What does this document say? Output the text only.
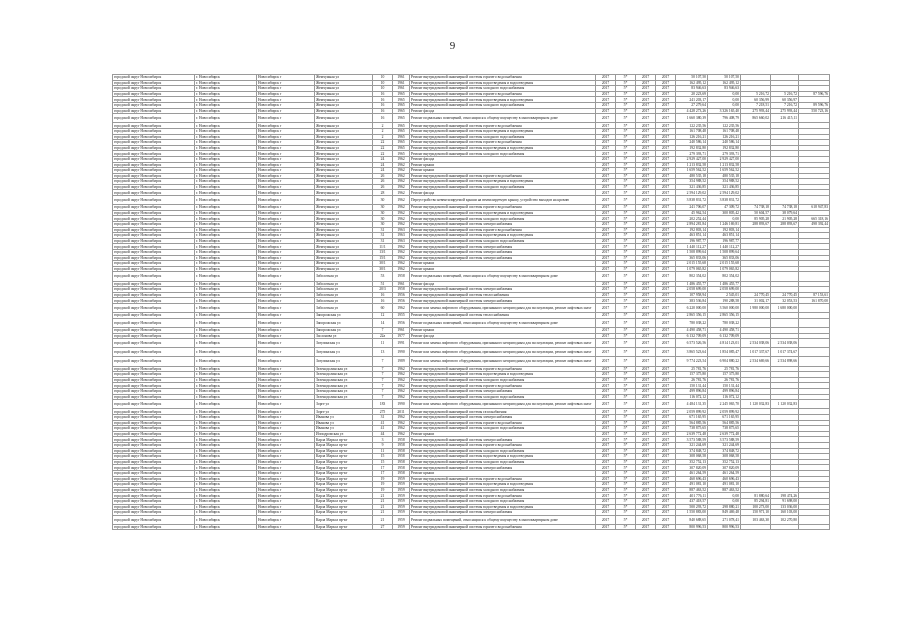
9
городской округ Новосибирск	г. Новосибирск	Новосибирск г	Жемчужная ул	10	1961	Ремонт внутридомовой инженерной системы горячего водоснабжения	2017	5*	2017	2017	50 107,50	50 107,50			
городской округ Новосибирск	г. Новосибирск	Новосибирск г	Жемчужная ул	10	1961	Ремонт внутридомовой инженерной системы водоотведения и водоотведения	2017	5*	2017	2017	162 495,12	162 495,12			
городской округ Новосибирск	г. Новосибирск	Новосибирск г	Жемчужная ул	10	1961	Ремонт внутридомовой инженерной системы холодного водоснабжения	2017	5*	2017	2017	83 946,63	83 946,63			
городской округ Новосибирск	г. Новосибирск	Новосибирск г	Жемчужная ул	16	1965	Ремонт внутридомовой инженерной системы горячего водоснабжения	2017	5*	2017	2017	20 223,69	0,00	5 216,72	5 216,72	87 596,76
городской округ Новосибирск	г. Новосибирск	Новосибирск г	Жемчужная ул	16	1965	Ремонт внутридомовой инженерной системы водоотведения и водоотведения	2017	5*	2017	2017	241 203,17	0,00	60 356,99	60 356,97	
городской округ Новосибирск	г. Новосибирск	Новосибирск г	Жемчужная ул	16	1965	Ремонт внутридомовой инженерной системы холодного водоснабжения	2017	5*	2017	2017	27 279,64	0,00	7 218,51	7 216,72	89 596,76
городской округ Новосибирск	г. Новосибирск	Новосибирск г	Жемчужная ул	16	1965	Ремонт фасада	2017	5*	2017	2017	4 428 273,26	3 326 165,40	275 993,44	275 993,44	550 723,16
городской округ Новосибирск	г. Новосибирск	Новосибирск г	Жемчужная ул	16	1965	Ремонт подвальных помещений, относящихся к общему имуществу в многоквартирном доме	2017	5*	2017	2017	1 660 380,39	796 408,79	865 660,02	216 415,11	
городской округ Новосибирск	г. Новосибирск	Новосибирск г	Жемчужная ул	2	1965	Ремонт внутридомовой инженерной системы горячего водоснабжения	2017	5*	2017	2017	122 235,56	122 235,56			
городской округ Новосибирск	г. Новосибирск	Новосибирск г	Жемчужная ул	2	1965	Ремонт внутридомовой инженерной системы водоотведения и водоотведения	2017	5*	2017	2017	161 708,48	161 708,48			
городской округ Новосибирск	г. Новосибирск	Новосибирск г	Жемчужная ул	2	1965	Ремонт внутридомовой инженерной системы холодного водоснабжения	2017	5*	2017	2017	126 216,21	126 216,21			
городской округ Новосибирск	г. Новосибирск	Новосибирск г	Жемчужная ул	22	1965	Ремонт внутридомовой инженерной системы горячего водоснабжения	2017	5*	2017	2017	240 586,14	240 586,14			
городской округ Новосибирск	г. Новосибирск	Новосибирск г	Жемчужная ул	22	1965	Ремонт внутридомовой инженерной системы водоотведения и водоотведения	2017	5*	2017	2017	192 832,80	192 832,80			
городской округ Новосибирск	г. Новосибирск	Новосибирск г	Жемчужная ул	22	1965	Ремонт внутридомовой инженерной системы холодного водоснабжения	2017	5*	2017	2017	279 393,71	279 393,71			
городской округ Новосибирск	г. Новосибирск	Новосибирск г	Жемчужная ул	24	1962	Ремонт фасада	2017	5*	2017	2017	2 929 427,00	2 929 427,00			
городской округ Новосибирск	г. Новосибирск	Новосибирск г	Жемчужная ул	24	1962	Ремонт крыши	2017	5*	2017	2017	1 213 832,58	1 213 832,58			
городской округ Новосибирск	г. Новосибирск	Новосибирск г	Жемчужная ул	24	1962	Ремонт крыши	2017	5*	2017	2017	1 659 562,52	1 659 562,52			
городской округ Новосибирск	г. Новосибирск	Новосибирск г	Жемчужная ул	26	1962	Ремонт внутридомовой инженерной системы горячего водоснабжения	2017	5*	2017	2017	480 535,18	480 535,18			
городской округ Новосибирск	г. Новосибирск	Новосибирск г	Жемчужная ул	26	1962	Ремонт внутридомовой инженерной системы водоотведения и водоотведения	2017	5*	2017	2017	354 988,52	354 988,52			
городской округ Новосибирск	г. Новосибирск	Новосибирск г	Жемчужная ул	26	1962	Ремонт внутридомовой инженерной системы холодного водоснабжения	2017	5*	2017	2017	321 436,85	321 436,85			
городской округ Новосибирск	г. Новосибирск	Новосибирск г	Жемчужная ул	28	1962	Ремонт фасада	2017	5*	2017	2017	2 594 129,02	2 594 129,02			
городской округ Новосибирск	г. Новосибирск	Новосибирск г	Жемчужная ул	30	1962	Переустройство невентилируемой крыши на вентилируемую крышу, устройство выходов на кровлю	2017	5*	2017	2017	3 838 831,72	3 838 831,72			
городской округ Новосибирск	г. Новосибирск	Новосибирск г	Жемчужная ул	30	1962	Ремонт внутридомовой инженерной системы горячего водоснабжения	2017	5*	2017	2017	241 706,07	47 309,72	74 738,18	74 738,18	618 947,83
городской округ Новосибирск	г. Новосибирск	Новосибирск г	Жемчужная ул	30	1962	Ремонт внутридомовой инженерной системы водоотведения и водоотведения	2017	5*	2017	2017	45 962,54	300 805,42	50 604,57	38 079,64	
городской округ Новосибирск	г. Новосибирск	Новосибирск г	Жемчужная ул	30	1962	Ремонт внутридомовой инженерной системы холодного водоснабжения	2017	5*	2017	2017	202 252,44	0,00	85 905,28	21 905,28	665 318,16
городской округ Новосибирск	г. Новосибирск	Новосибирск г	Жемчужная ул	30	1962	Ремонт внутридомовой инженерной системы электроснабжения	2017	5*	2017	2017	2 894 281,84	1 246 169,81	288 893,67	288 893,67	498 392,44
городской округ Новосибирск	г. Новосибирск	Новосибирск г	Жемчужная ул	31	1963	Ремонт внутридомовой инженерной системы горячего водоснабжения	2017	5*	2017	2017	192 803,14	192 803,14			
городской округ Новосибирск	г. Новосибирск	Новосибирск г	Жемчужная ул	31	1963	Ремонт внутридомовой инженерной системы водоотведения и водоотведения	2017	5*	2017	2017	463 851,14	463 851,14			
городской округ Новосибирск	г. Новосибирск	Новосибирск г	Жемчужная ул	31	1963	Ремонт внутридомовой инженерной системы холодного водоснабжения	2017	5*	2017	2017	196 987,77	196 987,77			
городской округ Новосибирск	г. Новосибирск	Новосибирск г	Жемчужная ул	11/1	1962	Ремонт внутридомовой инженерной системы электроснабжения	2017	5*	2017	2017	1 440 112,27	1 440 112,27			
городской округ Новосибирск	г. Новосибирск	Новосибирск г	Жемчужная ул	13/1	1962	Ремонт внутридомовой инженерной системы электроснабжения	2017	5*	2017	2017	1 508 899,64	1 508 899,64			
городской округ Новосибирск	г. Новосибирск	Новосибирск г	Жемчужная ул	15/1	1962	Ремонт внутридомовой инженерной системы электроснабжения	2017	5*	2017	2017	365 833,06	365 833,06			
городской округ Новосибирск	г. Новосибирск	Новосибирск г	Жемчужная ул	30/1	1962	Ремонт крыши	2017	5*	2017	2017	2 015 155,68	2 015 155,68			
городской округ Новосибирск	г. Новосибирск	Новосибирск г	Жемчужная ул	30/1	1962	Ремонт крыши	2017	5*	2017	2017	1 079 065,82	1 079 065,82			
городской округ Новосибирск	г. Новосибирск	Новосибирск г	Заболотная ул	53	1958	Ремонт подвальных помещений, относящихся к общему имуществу в многоквартирном доме	2017	5*	2017	2017	802 354,02	802 354,02			
городской округ Новосибирск	г. Новосибирск	Новосибирск г	Заболотная ул	51	1961	Ремонт фасада	2017	5*	2017	2017	1 486 455,77	1 486 455,77			
городской округ Новосибирск	г. Новосибирск	Новосибирск г	Заболотная ул	20/3	1958	Ремонт внутридомовой инженерной системы электроснабжения	2017	5*	2017	2017	2 058 699,00	2 058 699,00			
городской округ Новосибирск	г. Новосибирск	Новосибирск г	Заболотная ул	16	1956	Ремонт внутридомовой инженерной системы теплоснабжения	2017	5*	2017	2017	107 958,94	2 545,01	24 770,45	24 770,45	87 153,61
городской округ Новосибирск	г. Новосибирск	Новосибирск г	Заболотная ул	16	1956	Ремонт внутридомовой инженерной системы электроснабжения	2017	5*	2017	2017	383 536,84	190 288,58	31 002,17	32 053,53	161 870,00
городской округ Новосибирск	г. Новосибирск	Новосибирск г	Заболотная ул	60	1962	Ремонт или замена лифтового оборудования, признанного непригодным для эксплуатации, ремонт лифтовых шахт	2017	5*	2017	2017	6 220 000,00	3 560 000,00	1 980 000,00	1 680 000,00	
городской округ Новосибирск	г. Новосибирск	Новосибирск г	Запорожская ул	12	1955	Ремонт внутридомовой инженерной системы теплоснабжения	2017	5*	2017	2017	2 865 356,15	2 865 356,15			
городской округ Новосибирск	г. Новосибирск	Новосибирск г	Запорожская ул	14	1956	Ремонт подвальных помещений, относящихся к общему имуществу в многоквартирном доме	2017	5*	2017	2017	780 038,22	780 038,22			
городской округ Новосибирск	г. Новосибирск	Новосибирск г	Запорожская ул	7	1961	Ремонт крыши	2017	5*	2017	2017	4 490 458,71	4 490 458,71			
городской округ Новосибирск	г. Новосибирск	Новосибирск г	Заслонова ул	22а	1977	Ремонт фасада	2017	5*	2017	2017	6 132 709,09	6 132 709,09			
городской округ Новосибирск	г. Новосибирск	Новосибирск г	Затулинская ул	11	1991	Ремонт или замена лифтового оборудования, признанного непригодным для эксплуатации, ремонт лифтовых шахт	2017	5*	2017	2017	6 573 526,56	4 814 123,01	2 534 038,06	2 534 038,06	
городской округ Новосибирск	г. Новосибирск	Новосибирск г	Затулинская ул	13	1990	Ремонт или замена лифтового оборудования, признанного непригодным для эксплуатации, ремонт лифтовых шахт	2017	5*	2017	2017	3 865 523,64	1 854 085,47	1 017 337,67	1 017 374,67	
городской округ Новосибирск	г. Новосибирск	Новосибирск г	Затулинская ул	7	1989	Ремонт или замена лифтового оборудования, признанного непригодным для эксплуатации, ремонт лифтовых шахт	2017	5*	2017	2017	9 774 223,54	6 904 880,22	2 534 669,66	2 534 898,66	
городской округ Новосибирск	г. Новосибирск	Новосибирск г	Зеленодолинская ул	7	1962	Ремонт внутридомовой инженерной системы горячего водоснабжения	2017	5*	2017	2017	25 781,76	25 781,76			
городской округ Новосибирск	г. Новосибирск	Новосибирск г	Зеленодолинская ул	7	1962	Ремонт внутридомовой инженерной системы водоотведения и водоотведения	2017	5*	2017	2017	157 375,80	157 375,80			
городской округ Новосибирск	г. Новосибирск	Новосибирск г	Зеленодолинская ул	7	1962	Ремонт внутридомовой инженерной системы холодного водоснабжения	2017	5*	2017	2017	26 781,76	26 781,76			
городской округ Новосибирск	г. Новосибирск	Новосибирск г	Зеленодолинская ул	7	1962	Ремонт внутридомовой инженерной системы горячего водоснабжения	2017	5*	2017	2017	150 131,44	150 131,44			
городской округ Новосибирск	г. Новосибирск	Новосибирск г	Зеленодолинская ул	7	1962	Ремонт внутридомовой инженерной системы электроснабжения	2017	5*	2017	2017	499 896,84	499 896,84			
городской округ Новосибирск	г. Новосибирск	Новосибирск г	Зеленодолинская ул	7	1962	Ремонт внутридомовой инженерной системы холодного водоснабжения	2017	5*	2017	2017	116 072,12	116 072,12			
городской округ Новосибирск	г. Новосибирск	Новосибирск г	Зорге ул	183	1990	Ремонт или замена лифтового оборудования, признанного непригодным для эксплуатации, ремонт лифтовых шахт	2017	5*	2017	2017	4 484 131,35	2 245 065,70	1 120 032,83	1 120 032,83	
городской округ Новосибирск	г. Новосибирск	Новосибирск г	Зорге ул	275	2011	Ремонт внутридомовой инженерной системы газоснабжения	2017	5*	2017	2017	2 059 899,92	2 059 899,92			
городской округ Новосибирск	г. Новосибирск	Новосибирск г	Иванова ул	31	1962	Ремонт внутридомовой инженерной системы электроснабжения	2017	5*	2017	2017	671 165,95	671 165,95			
городской округ Новосибирск	г. Новосибирск	Новосибирск г	Иванова ул	41	1962	Ремонт внутридомовой инженерной системы горячего водоснабжения	2017	5*	2017	2017	564 885,56	564 885,56			
городской округ Новосибирск	г. Новосибирск	Новосибирск г	Иванова ул	41	1962	Ремонт внутридомовой инженерной системы холодного водоснабжения	2017	5*	2017	2017	738 875,65	738 875,65			
городской округ Новосибирск	г. Новосибирск	Новосибирск г	Ипподромская ул	44	1962	Ремонт крыши	2017	5*	2017	2017	2 639 772,48	2 639 772,48			
городской округ Новосибирск	г. Новосибирск	Новосибирск г	Карла Маркса пр-кт	3	1958	Ремонт внутридомовой инженерной системы электроснабжения	2017	5*	2017	2017	3 573 588,59	3 573 588,59			
городской округ Новосибирск	г. Новосибирск	Новосибирск г	Карла Маркса пр-кт	9	1958	Ремонт внутридомовой инженерной системы горячего водоснабжения	2017	5*	2017	2017	321 244,69	321 244,69			
городской округ Новосибирск	г. Новосибирск	Новосибирск г	Карла Маркса пр-кт	11	1958	Ремонт внутридомовой инженерной системы холодного водоснабжения	2017	5*	2017	2017	374 848,72	374 848,72			
городской округ Новосибирск	г. Новосибирск	Новосибирск г	Карла Маркса пр-кт	15	1958	Ремонт внутридомовой инженерной системы водоотведения и водоотведения	2017	5*	2017	2017	308 068,58	308 068,58			
городской округ Новосибирск	г. Новосибирск	Новосибирск г	Карла Маркса пр-кт	15	1958	Ремонт внутридомовой инженерной системы холодного водоснабжения	2017	5*	2017	2017	352 752,13	352 752,13			
городской округ Новосибирск	г. Новосибирск	Новосибирск г	Карла Маркса пр-кт	17	1958	Ремонт внутридомовой инженерной системы электроснабжения	2017	5*	2017	2017	307 820,09	307 820,09			
городской округ Новосибирск	г. Новосибирск	Новосибирск г	Карла Маркса пр-кт	17	1958	Ремонт крыши	2017	5*	2017	2017	461 264,59	461 264,59			
городской округ Новосибирск	г. Новосибирск	Новосибирск г	Карла Маркса пр-кт	19	1959	Ремонт внутридомовой инженерной системы горячего водоснабжения	2017	5*	2017	2017	460 696,43	460 696,43			
городской округ Новосибирск	г. Новосибирск	Новосибирск г	Карла Маркса пр-кт	19	1959	Ремонт внутридомовой инженерной системы водоотведения и водоотведения	2017	5*	2017	2017	491 081,10	491 081,10			
городской округ Новосибирск	г. Новосибирск	Новосибирск г	Карла Маркса пр-кт	19	1959	Ремонт внутридомовой инженерной системы холодного водоснабжения	2017	5*	2017	2017	887 463,52	887 463,52			
городской округ Новосибирск	г. Новосибирск	Новосибирск г	Карла Маркса пр-кт	21	1959	Ремонт внутридомовой инженерной системы горячего водоснабжения	2017	5*	2017	2017	401 776,11	0,00	81 880,64	198 474,26	
городской округ Новосибирск	г. Новосибирск	Новосибирск г	Карла Маркса пр-кт	21	1959	Ремонт внутридомовой инженерной системы холодного водоснабжения	2017	5*	2017	2017	437 418,57	0,00	85 294,81	91 698,00	
городской округ Новосибирск	г. Новосибирск	Новосибирск г	Карла Маркса пр-кт	21	1959	Ремонт внутридомовой инженерной системы водоотведения и водоотведения	2017	5*	2017	2017	500 293,72	298 880,21	100 273,00	133 036,00	
городской округ Новосибирск	г. Новосибирск	Новосибирск г	Карла Маркса пр-кт	21	1959	Ремонт внутридомовой инженерной системы электроснабжения	2017	5*	2017	2017	1 550 883,00	849 469,48	150 971,10	160 103,00	
городской округ Новосибирск	г. Новосибирск	Новосибирск г	Карла Маркса пр-кт	21	1959	Ремонт подвальных помещений, относящихся к общему имуществу в многоквартирном доме	2017	5*	2017	2017	840 688,65	271 078,41	103 463,30	102 270,80	
городской округ Новосибирск	г. Новосибирск	Новосибирск г	Карла Маркса пр-кт	27	1959	Ремонт внутридомовой инженерной системы горячего водоснабжения	2017	5*	2017	2017	800 996,53	800 996,53			
